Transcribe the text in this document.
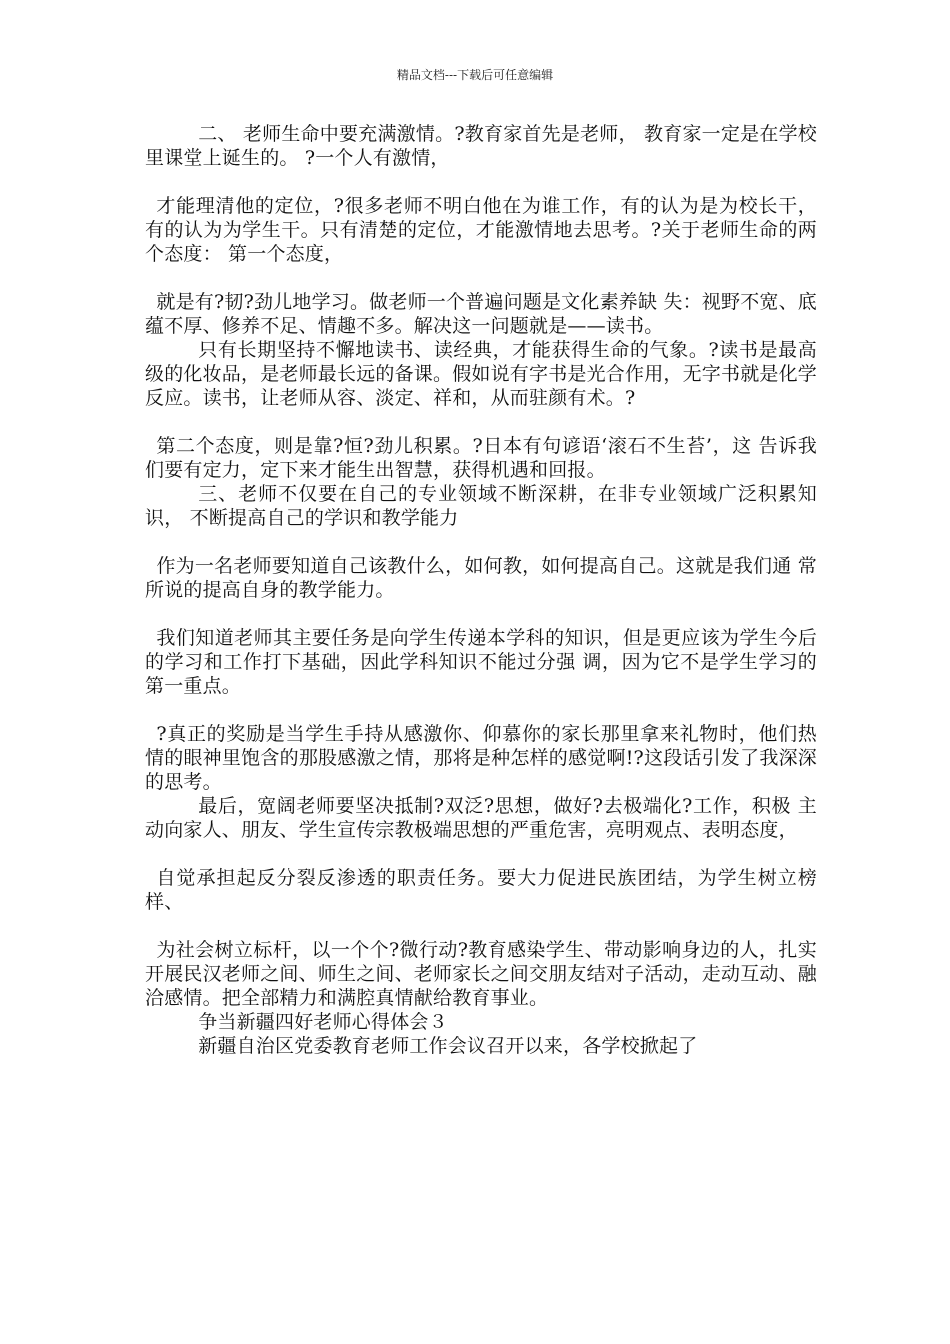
精品文档---下载后可任意编辑

二、 老师生命中要充满激情。?教育家首先是老师， 教育家一定是在学校里课堂上诞生的。 ?一个人有激情，

才能理清他的定位，?很多老师不明白他在为谁工作，有的认为是为校长干，有的认为为学生干。只有清楚的定位，才能激情地去思考。?关于老师生命的两个态度： 第一个态度，

就是有?韧?劲儿地学习。做老师一个普遍问题是文化素养缺 失：视野不宽、底蕴不厚、修养不足、情趣不多。解决这一问题就是——读书。

只有长期坚持不懈地读书、读经典，才能获得生命的气象。?读书是最高级的化妆品，是老师最长远的备课。假如说有字书是光合作用，无字书就是化学反应。读书，让老师从容、淡定、祥和，从而驻颜有术。?

第二个态度，则是靠?恒?劲儿积累。?日本有句谚语‘滚石不生苔’，这 告诉我们要有定力，定下来才能生出智慧，获得机遇和回报。

三、老师不仅要在自己的专业领域不断深耕，在非专业领域广泛积累知识， 不断提高自己的学识和教学能力

作为一名老师要知道自己该教什么，如何教，如何提高自己。这就是我们通 常所说的提高自身的教学能力。

我们知道老师其主要任务是向学生传递本学科的知识，但是更应该为学生今后的学习和工作打下基础，因此学科知识不能过分强 调，因为它不是学生学习的第一重点。

?真正的奖励是当学生手持从感激你、仰慕你的家长那里拿来礼物时，他们热情的眼神里饱含的那股感激之情，那将是种怎样的感觉啊!?这段话引发了我深深的思考。

最后，宽阔老师要坚决抵制?双泛?思想，做好?去极端化?工作，积极 主动向家人、朋友、学生宣传宗教极端思想的严重危害，亮明观点、表明态度，

自觉承担起反分裂反渗透的职责任务。要大力促进民族团结，为学生树立榜样、

为社会树立标杆，以一个个?微行动?教育感染学生、带动影响身边的人，扎实开展民汉老师之间、师生之间、老师家长之间交朋友结对子活动，走动互动、融洽感情。把全部精力和满腔真情献给教育事业。

争当新疆四好老师心得体会３

新疆自治区党委教育老师工作会议召开以来，各学校掀起了
